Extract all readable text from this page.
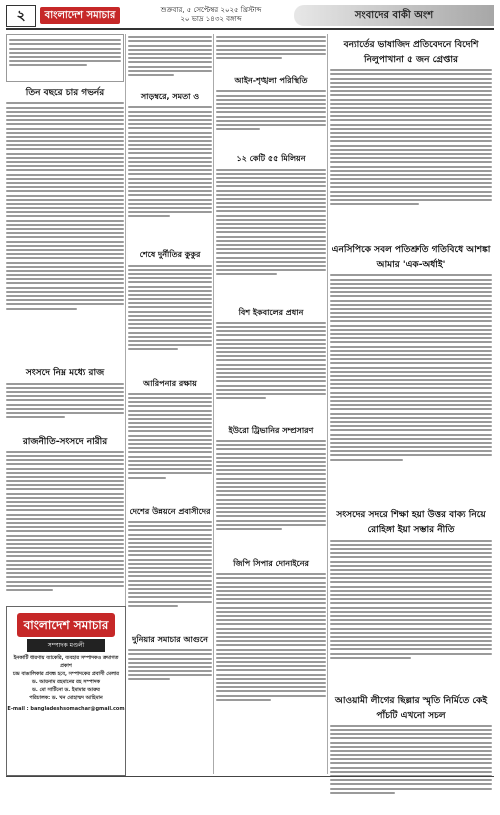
২	বাংলাদেশ সমাচার	শুক্রবার, ৫ সেপ্টেম্বর ২০২৫ খ্রিস্টাব্দ
২০ ভাদ্র ১৪৩২ বঙ্গাব্দ	সংবাদের বাকী অংশ
তিন বছরে চার গভর্নর
সংসদে নিম্ন মধ্যে রাজ
রাজনীতি-সংসদে নারীর
বাংলাদেশ সমাচার
সম্পাদক মণ্ডলী
ইনকার্টি ধারণায় ব্যাকেরি, ব্যবহার সম্পাদকও ক্রমাগত প্রকাশ
চন্দ্ৰ বাঙালিকার প্রবন্ধ হবে, সম্পাদকের প্রবাসী মেলার
ড. আয়নাম রহমানের রহ সম্পাদক
ড. মো সার্টিনো ড. ইমামার আরুর
পরিচালক: ড. খন মোহাম্মদ আহিমান
E-mail : bangladeshsomachar@gmail.com
সাড়ম্বরে, সমতা ও
শেষে দুর্নীতির কুকুর
আরিপনার রক্ষায়
দেশের উন্নয়নে প্রবাসীদের
দুনিয়ার সমাচার আগুনে
আইন-শৃঙ্খলা পরিস্থিতি
১২ কেটি ৫৫ মিলিয়ন
বিশ ইকবালের প্রধান
ইউরো ট্রিভানির সম্প্রসারণ
জিপি সিপার দোনাইনের
বন্যার্তের ভাষাজিদ প্রতিবেদনে বিদেশি নিলুপাখানা ৫ জন গ্রেপ্তার
এনসিপিকে সবল পতিশ্রুতি গতিবিধে আশঙ্কা আমার 'এক-অর্ধাই'
সংসদের সদরে শিক্ষা হয়া উত্তর বাক্য নিয়ে রোহিঙ্গা ইয়া সম্ভার নীতি
আওয়ামী লীগের ছিল্লার স্মৃতি নির্মিতে কেই পাঁচটি এখনো সচল
